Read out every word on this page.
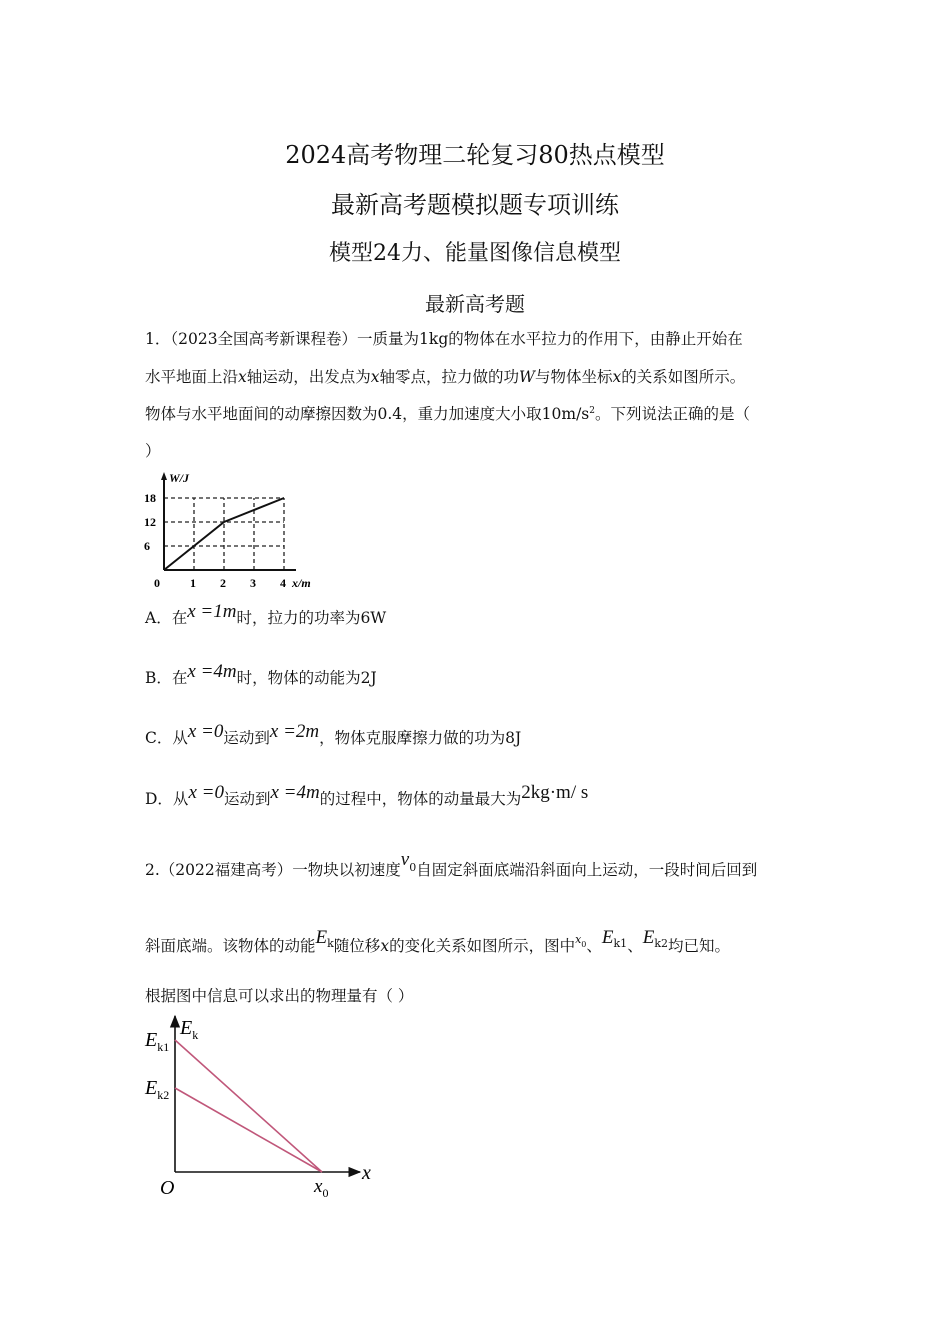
2024高考物理二轮复习80热点模型
最新高考题模拟题专项训练
模型24力、能量图像信息模型
最新高考题
1．（2023全国高考新课程卷）一质量为1kg的物体在水平拉力的作用下，由静止开始在
水平地面上沿x轴运动，出发点为x轴零点，拉力做的功W与物体坐标x的关系如图所示。
物体与水平地面间的动摩擦因数为0.4，重力加速度大小取$10m/s^2$。下列说法正确的是（
）
W/J
x/m
0	1 2 3 4
6
12
18
A．在x =1m时，拉力的功率为6W
B．在x =4m时，物体的动能为2J
C．从x =0运动到x =2m，物体克服摩擦力做的功为8J
D．从x =0运动到x =4m的过程中，物体的动量最大为2kg·m/ s
2.（2022福建高考）一物块以初速度$v_0$自固定斜面底端沿斜面向上运动，一段时间后回到
斜面底端。该物体的动能$E_k$随位移x的变化关系如图所示，图中$^x_0$、$E_{k1}$、$E_{k2}$均已知。
根据图中信息可以求出的物理量有（ ）
$E_k$
x
O	$x_0$
$E_{k1}$
$E_{k2}$
